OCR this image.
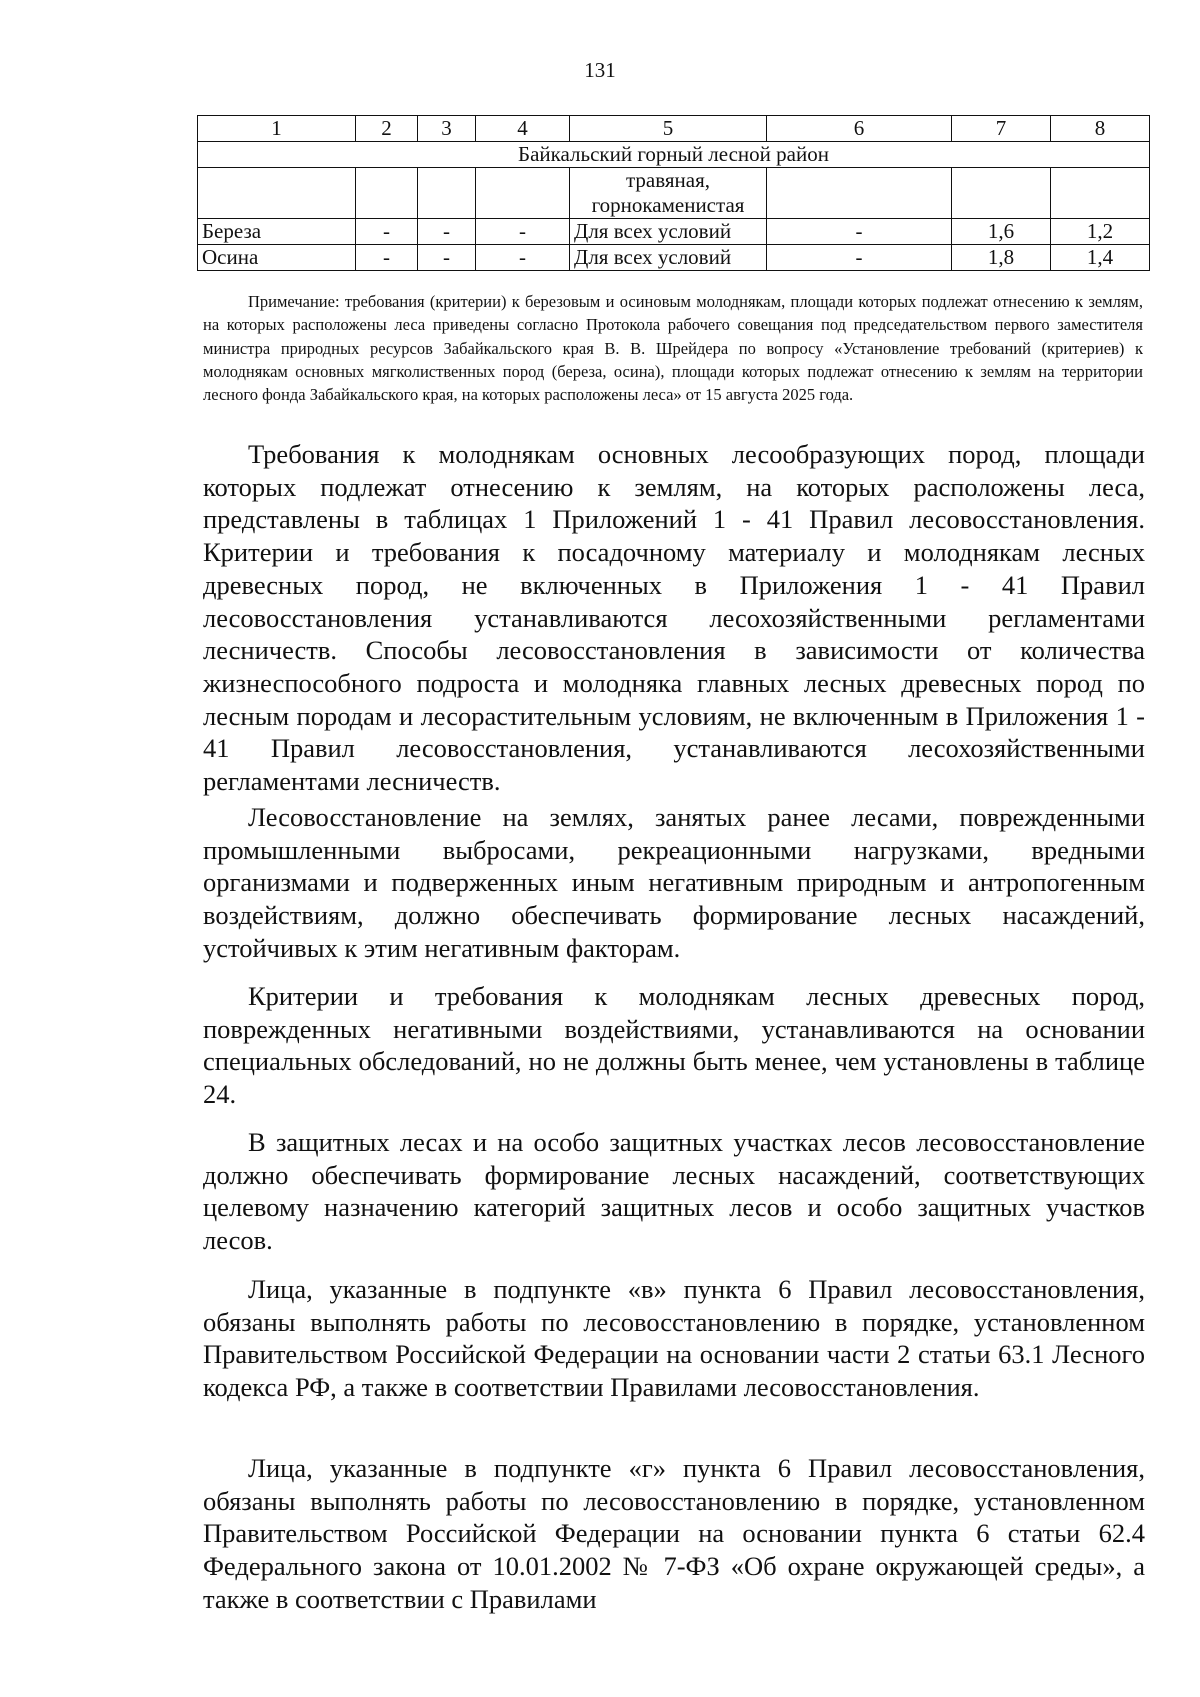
131
1	2	3	4	5	6	7	8
Байкальский горный лесной район							

				травяная,
горнокаменистая			

Береза	-	-	-	Для всех условий	-	1,6	1,2
Осина	-	-	-	Для всех условий	-	1,8	1,4
Примечание: требования (критерии) к березовым и осиновым молоднякам, площади которых подлежат отнесению к землям, на которых расположены леса приведены согласно Протокола рабочего совещания под председательством первого заместителя министра природных ресурсов Забайкальского края В. В. Шрейдера по вопросу «Установление требований (критериев) к молоднякам основных мягколиственных пород (береза, осина), площади которых подлежат отнесению к землям на территории лесного фонда Забайкальского края, на которых расположены леса» от 15 августа 2025 года.

Требования к молоднякам основных лесообразующих пород, площади которых подлежат отнесению к землям, на которых расположены леса, представлены в таблицах 1 Приложений 1 - 41 Правил лесовосстановления. Критерии и требования к посадочному материалу и молоднякам лесных древесных пород, не включенных в Приложения 1 - 41 Правил лесовосстановления устанавливаются лесохозяйственными регламентами лесничеств. Способы лесовосстановления в зависимости от количества жизнеспособного подроста и молодняка главных лесных древесных пород по лесным породам и лесорастительным условиям, не включенным в Приложения 1 - 41 Правил лесовосстановления, устанавливаются лесохозяйственными регламентами лесничеств.

Лесовосстановление на землях, занятых ранее лесами, поврежденными промышленными выбросами, рекреационными нагрузками, вредными организмами и подверженных иным негативным природным и антропогенным воздействиям, должно обеспечивать формирование лесных насаждений, устойчивых к этим негативным факторам.

Критерии и требования к молоднякам лесных древесных пород, поврежденных негативными воздействиями, устанавливаются на основании специальных обследований, но не должны быть менее, чем установлены в таблице 24.

В защитных лесах и на особо защитных участках лесов лесовосстановление должно обеспечивать формирование лесных насаждений, соответствующих целевому назначению категорий защитных лесов и особо защитных участков лесов.

Лица, указанные в подпункте «в» пункта 6 Правил лесовосстановления, обязаны выполнять работы по лесовосстановлению в порядке, установленном Правительством Российской Федерации на основании части 2 статьи 63.1 Лесного кодекса РФ, а также в соответствии Правилами лесовосстановления.

Лица, указанные в подпункте «г» пункта 6 Правил лесовосстановления, обязаны выполнять работы по лесовосстановлению в порядке, установленном Правительством Российской Федерации на основании пункта 6 статьи 62.4 Федерального закона от 10.01.2002 № 7-ФЗ «Об охране окружающей среды», а также в соответствии с Правилами
